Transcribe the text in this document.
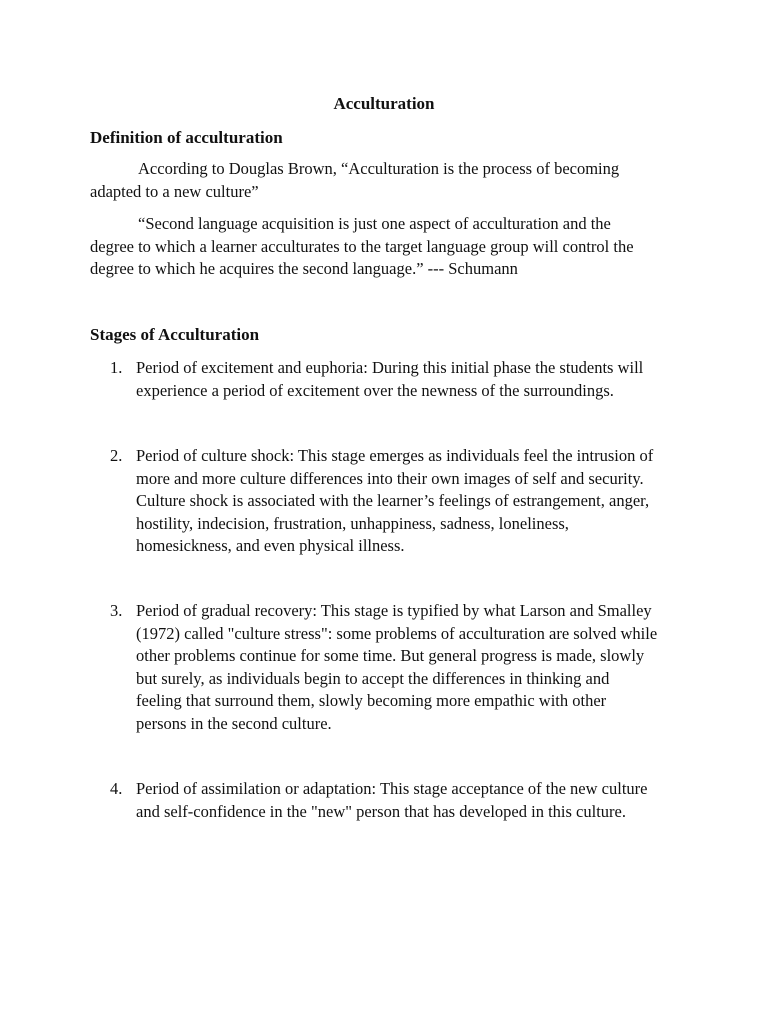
Acculturation
Definition of acculturation

According to Douglas Brown, “Acculturation is the process of becoming adapted to a new culture”

“Second language acquisition is just one aspect of acculturation and the degree to which a learner acculturates to the target language group will control the degree to which he acquires the second language.” --- Schumann

Stages of Acculturation
1. Period of excitement and euphoria: During this initial phase the students will experience a period of excitement over the newness of the surroundings.
2. Period of culture shock: This stage emerges as individuals feel the intrusion of more and more culture differences into their own images of self and security. Culture shock is associated with the learner’s feelings of estrangement, anger, hostility, indecision, frustration, unhappiness, sadness, loneliness, homesickness, and even physical illness.
3. Period of gradual recovery: This stage is typified by what Larson and Smalley (1972) called "culture stress": some problems of acculturation are solved while other problems continue for some time. But general progress is made, slowly but surely, as individuals begin to accept the differences in thinking and feeling that surround them, slowly becoming more empathic with other persons in the second culture.
4. Period of assimilation or adaptation: This stage acceptance of the new culture and self-confidence in the "new" person that has developed in this culture.
